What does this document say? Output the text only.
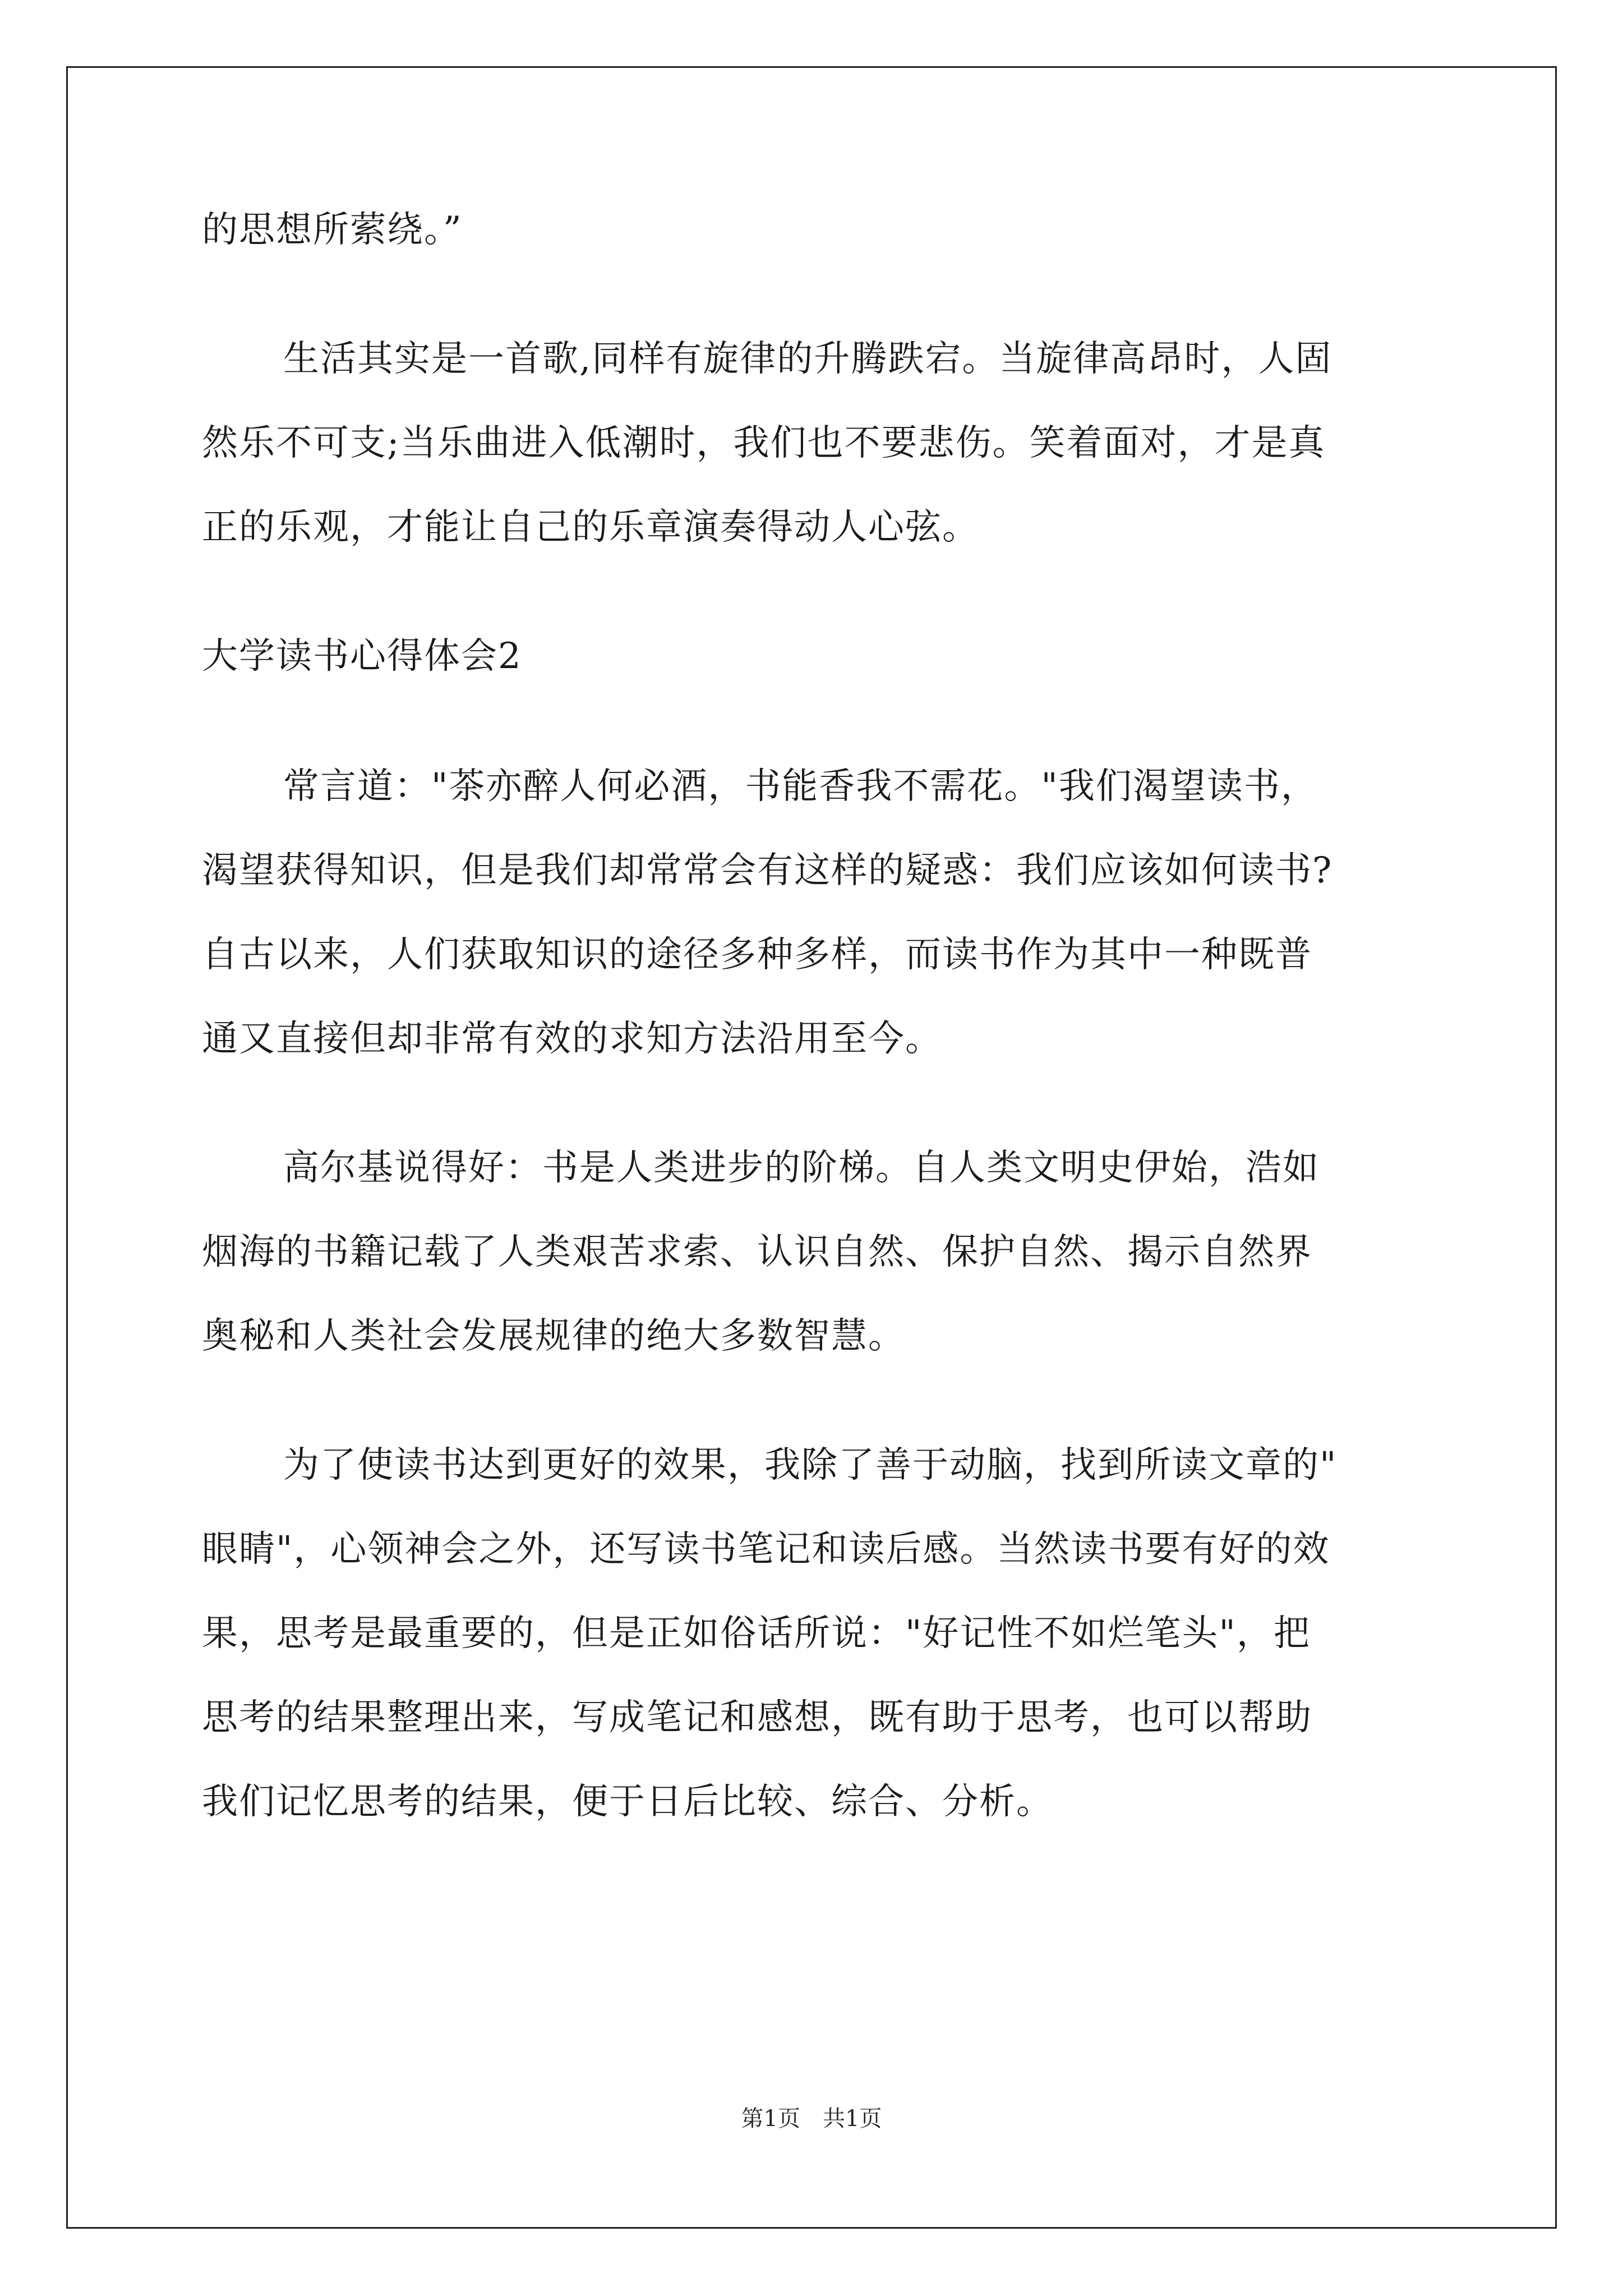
的思想所萦绕。”
生活其实是一首歌,同样有旋律的升腾跌宕。当旋律高昂时，人固
然乐不可支;当乐曲进入低潮时，我们也不要悲伤。笑着面对，才是真
正的乐观，才能让自己的乐章演奏得动人心弦。
大学读书心得体会2
常言道："茶亦醉人何必酒，书能香我不需花。"我们渴望读书，
渴望获得知识，但是我们却常常会有这样的疑惑：我们应该如何读书?
自古以来，人们获取知识的途径多种多样，而读书作为其中一种既普
通又直接但却非常有效的求知方法沿用至今。
高尔基说得好：书是人类进步的阶梯。自人类文明史伊始，浩如
烟海的书籍记载了人类艰苦求索、认识自然、保护自然、揭示自然界
奥秘和人类社会发展规律的绝大多数智慧。
为了使读书达到更好的效果，我除了善于动脑，找到所读文章的"
眼睛"，心领神会之外，还写读书笔记和读后感。当然读书要有好的效
果，思考是最重要的，但是正如俗话所说："好记性不如烂笔头"，把
思考的结果整理出来，写成笔记和感想，既有助于思考，也可以帮助
我们记忆思考的结果，便于日后比较、综合、分析。
第1页　共1页
